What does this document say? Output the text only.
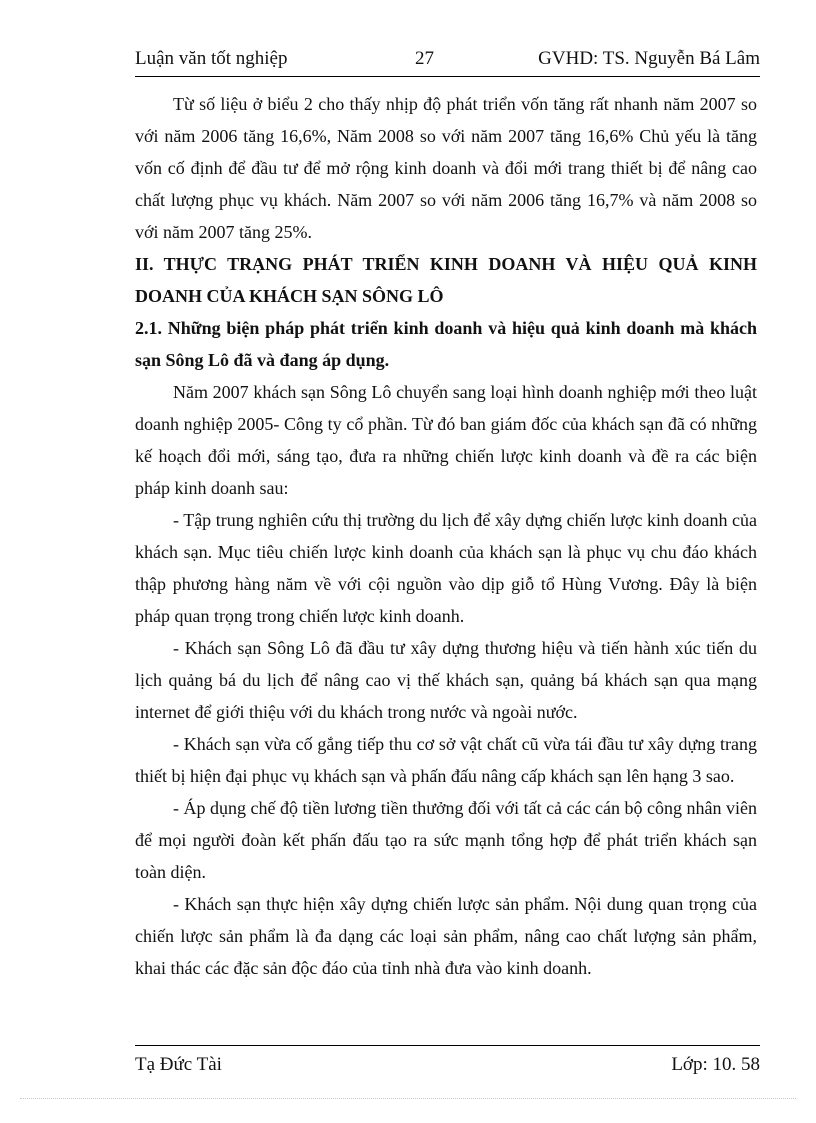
Luận văn tốt nghiệp	27	GVHD: TS. Nguyễn Bá Lâm

Từ số liệu ở biểu 2 cho thấy nhịp độ phát triển vốn tăng rất nhanh năm 2007 so với năm 2006 tăng 16,6%, Năm 2008 so với năm 2007 tăng 16,6% Chủ yếu là tăng vốn cố định để đầu tư để mở rộng kinh doanh và đổi mới trang thiết bị để nâng cao chất lượng phục vụ khách. Năm 2007 so với năm 2006 tăng 16,7% và năm 2008 so với năm 2007 tăng 25%.

II. THỰC TRẠNG PHÁT TRIỂN KINH DOANH VÀ HIỆU QUẢ KINH DOANH CỦA KHÁCH SẠN SÔNG LÔ
2.1. Những biện pháp phát triển kinh doanh và hiệu quả kinh doanh mà khách sạn Sông Lô đã và đang áp dụng.

Năm 2007 khách sạn Sông Lô chuyển sang loại hình doanh nghiệp mới theo luật doanh nghiệp 2005- Công ty cổ phần. Từ đó ban giám đốc của khách sạn đã có những kế hoạch đổi mới, sáng tạo, đưa ra những chiến lược kinh doanh và đề ra các biện pháp kinh doanh sau:

- Tập trung nghiên cứu thị trường du lịch để xây dựng chiến lược kinh doanh của khách sạn. Mục tiêu chiến lược kinh doanh của khách sạn là phục vụ chu đáo khách thập phương hàng năm về với cội nguồn vào dịp giỗ tổ Hùng Vương. Đây là biện pháp quan trọng trong chiến lược kinh doanh.

- Khách sạn Sông Lô đã đầu tư xây dựng thương hiệu và tiến hành xúc tiến du lịch quảng bá du lịch để nâng cao vị thế khách sạn, quảng bá khách sạn qua mạng internet để giới thiệu với du khách trong nước và ngoài nước.

- Khách sạn vừa cố gắng tiếp thu cơ sở vật chất cũ vừa tái đầu tư xây dựng trang thiết bị hiện đại phục vụ khách sạn và phấn đấu nâng cấp khách sạn lên hạng 3 sao.

- Áp dụng chế độ tiền lương tiền thưởng đối với tất cả các cán bộ công nhân viên để mọi người đoàn kết phấn đấu tạo ra sức mạnh tổng hợp để phát triển khách sạn toàn diện.

- Khách sạn thực hiện xây dựng chiến lược sản phẩm. Nội dung quan trọng của chiến lược sản phẩm là đa dạng các loại sản phẩm, nâng cao chất lượng sản phẩm, khai thác các đặc sản độc đáo của tỉnh nhà đưa vào kinh doanh.

Tạ Đức Tài	Lớp: 10. 58
